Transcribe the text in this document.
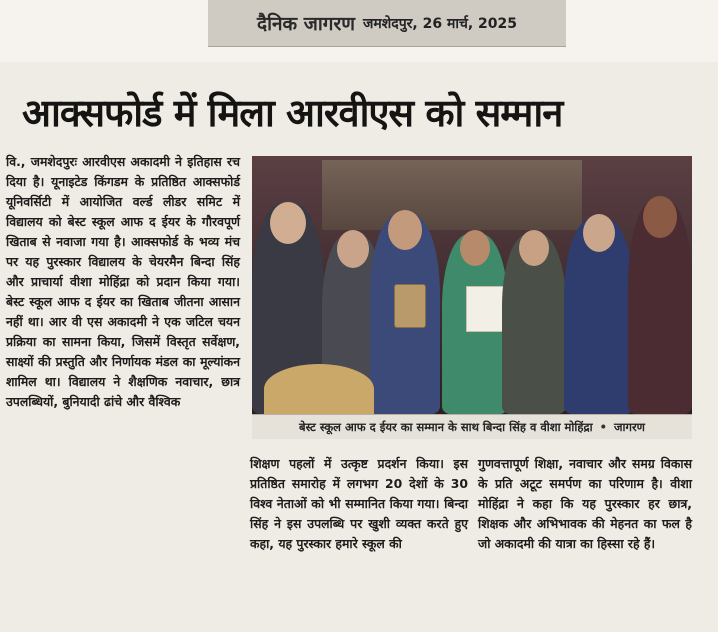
दैनिक जागरण जमशेदपुर, 26 मार्च, 2025
आक्सफोर्ड में मिला आरवीएस को सम्मान
वि., जमशेदपुरः आरवीएस अकादमी ने इतिहास रच दिया है। यूनाइटेड किंगडम के प्रतिष्ठित आक्सफोर्ड यूनिवर्सिटी में आयोजित वर्ल्ड लीडर समिट में विद्यालय को बेस्ट स्कूल आफ द ईयर के गौरवपूर्ण खिताब से नवाजा गया है। आक्सफोर्ड के भव्य मंच पर यह पुरस्कार विद्यालय के चेयरमैन बिन्दा सिंह और प्राचार्या वीशा मोहिंद्रा को प्रदान किया गया। बेस्ट स्कूल आफ द ईयर का खिताब जीतना आसान नहीं था। आर वी एस अकादमी ने एक जटिल चयन प्रक्रिया का सामना किया, जिसमें विस्तृत सर्वेक्षण, साक्ष्यों की प्रस्तुति और निर्णायक मंडल का मूल्यांकन शामिल था। विद्यालय ने शैक्षणिक नवाचार, छात्र उपलब्धियों, बुनियादी ढांचे और वैश्विक
बेस्ट स्कूल आफ द ईयर का सम्मान के साथ बिन्दा सिंह व वीशा मोहिंद्रा • जागरण
शिक्षण पहलों में उत्कृष्ट प्रदर्शन किया। इस प्रतिष्ठित समारोह में लगभग 20 देशों के 30 विश्व नेताओं को भी सम्मानित किया गया। बिन्दा सिंह ने इस उपलब्धि पर खुशी व्यक्त करते हुए कहा, यह पुरस्कार हमारे स्कूल की
गुणवत्तापूर्ण शिक्षा, नवाचार और समग्र विकास के प्रति अटूट समर्पण का परिणाम है। वीशा मोहिंद्रा ने कहा कि यह पुरस्कार हर छात्र, शिक्षक और अभिभावक की मेहनत का फल है जो अकादमी की यात्रा का हिस्सा रहे हैं।
